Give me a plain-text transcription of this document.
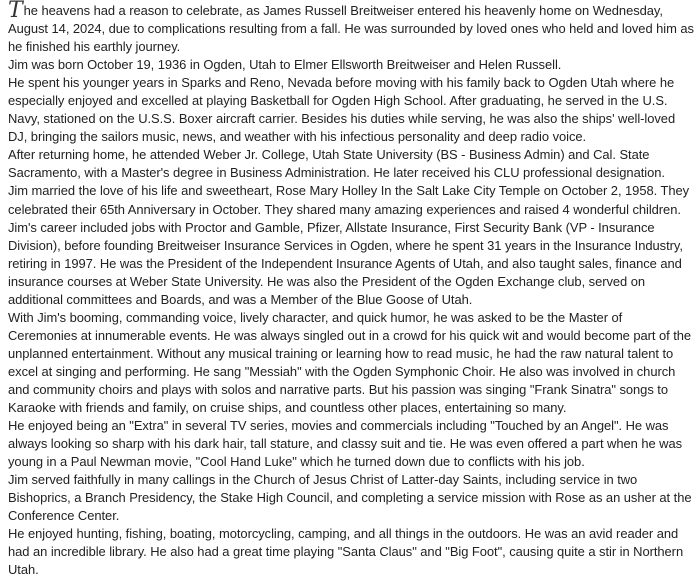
The heavens had a reason to celebrate, as James Russell Breitweiser entered his heavenly home on Wednesday, August 14, 2024, due to complications resulting from a fall. He was surrounded by loved ones who held and loved him as he finished his earthly journey.

Jim was born October 19, 1936 in Ogden, Utah to Elmer Ellsworth Breitweiser and Helen Russell.

He spent his younger years in Sparks and Reno, Nevada before moving with his family back to Ogden Utah where he especially enjoyed and excelled at playing Basketball for Ogden High School. After graduating, he served in the U.S. Navy, stationed on the U.S.S. Boxer aircraft carrier. Besides his duties while serving, he was also the ships' well-loved DJ, bringing the sailors music, news, and weather with his infectious personality and deep radio voice.

After returning home, he attended Weber Jr. College, Utah State University (BS - Business Admin) and Cal. State Sacramento, with a Master's degree in Business Administration. He later received his CLU professional designation.

Jim married the love of his life and sweetheart, Rose Mary Holley In the Salt Lake City Temple on October 2, 1958. They celebrated their 65th Anniversary in October. They shared many amazing experiences and raised 4 wonderful children.

Jim's career included jobs with Proctor and Gamble, Pfizer, Allstate Insurance, First Security Bank (VP - Insurance Division), before founding Breitweiser Insurance Services in Ogden, where he spent 31 years in the Insurance Industry, retiring in 1997. He was the President of the Independent Insurance Agents of Utah, and also taught sales, finance and insurance courses at Weber State University. He was also the President of the Ogden Exchange club, served on additional committees and Boards, and was a Member of the Blue Goose of Utah.

With Jim's booming, commanding voice, lively character, and quick humor, he was asked to be the Master of Ceremonies at innumerable events. He was always singled out in a crowd for his quick wit and would become part of the unplanned entertainment. Without any musical training or learning how to read music, he had the raw natural talent to excel at singing and performing. He sang "Messiah" with the Ogden Symphonic Choir. He also was involved in church and community choirs and plays with solos and narrative parts. But his passion was singing "Frank Sinatra" songs to Karaoke with friends and family, on cruise ships, and countless other places, entertaining so many.

He enjoyed being an "Extra" in several TV series, movies and commercials including "Touched by an Angel". He was always looking so sharp with his dark hair, tall stature, and classy suit and tie. He was even offered a part when he was young in a Paul Newman movie, "Cool Hand Luke" which he turned down due to conflicts with his job.

Jim served faithfully in many callings in the Church of Jesus Christ of Latter-day Saints, including service in two Bishoprics, a Branch Presidency, the Stake High Council, and completing a service mission with Rose as an usher at the Conference Center.

He enjoyed hunting, fishing, boating, motorcycling, camping, and all things in the outdoors. He was an avid reader and had an incredible library. He also had a great time playing "Santa Claus" and "Big Foot", causing quite a stir in Northern Utah.
